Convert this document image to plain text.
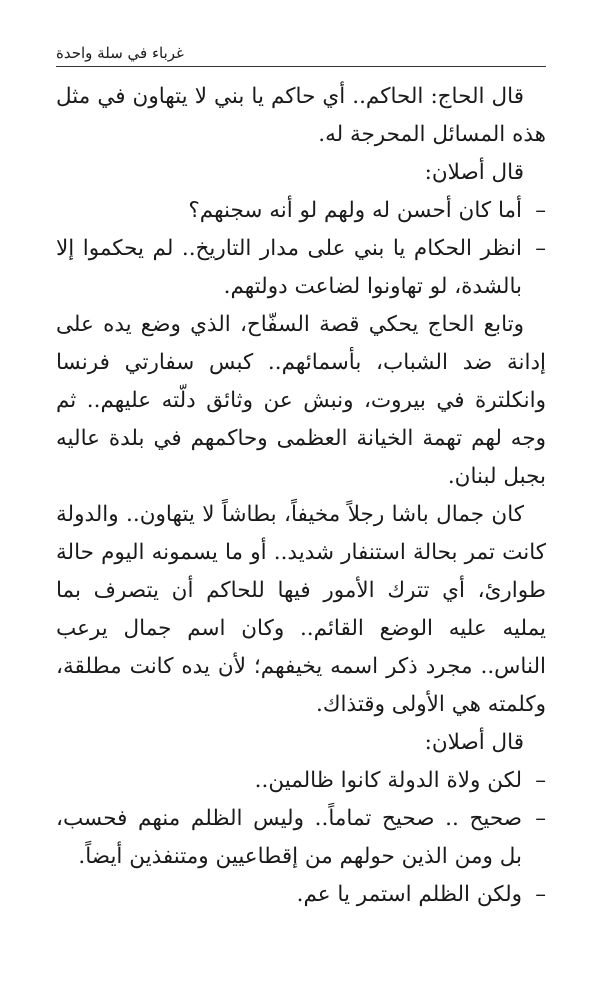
غرباء في سلة واحدة

قال الحاج: الحاكم.. أي حاكم يا بني لا يتهاون في مثل هذه المسائل المحرجة له.

قال أصلان:

–
أما كان أحسن له ولهم لو أنه سجنهم؟
–
انظر الحكام يا بني على مدار التاريخ.. لم يحكموا إلا بالشدة، لو تهاونوا لضاعت دولتهم.

وتابع الحاج يحكي قصة السفّاح، الذي وضع يده على إدانة ضد الشباب، بأسمائهم.. كبس سفارتي فرنسا وانكلترة في بيروت، ونبش عن وثائق دلّته عليهم.. ثم وجه لهم تهمة الخيانة العظمى وحاكمهم في بلدة عاليه بجبل لبنان.

كان جمال باشا رجلاً مخيفاً، بطاشاً لا يتهاون.. والدولة كانت تمر بحالة استنفار شديد.. أو ما يسمونه اليوم حالة طوارئ، أي تترك الأمور فيها للحاكم أن يتصرف بما يمليه عليه الوضع القائم.. وكان اسم جمال يرعب الناس.. مجرد ذكر اسمه يخيفهم؛ لأن يده كانت مطلقة، وكلمته هي الأولى وقتذاك.

قال أصلان:

–
لكن ولاة الدولة كانوا ظالمين..
–
صحيح .. صحيح تماماً.. وليس الظلم منهم فحسب، بل ومن الذين حولهم من إقطاعيين ومتنفذين أيضاً.
–
ولكن الظلم استمر يا عم.
